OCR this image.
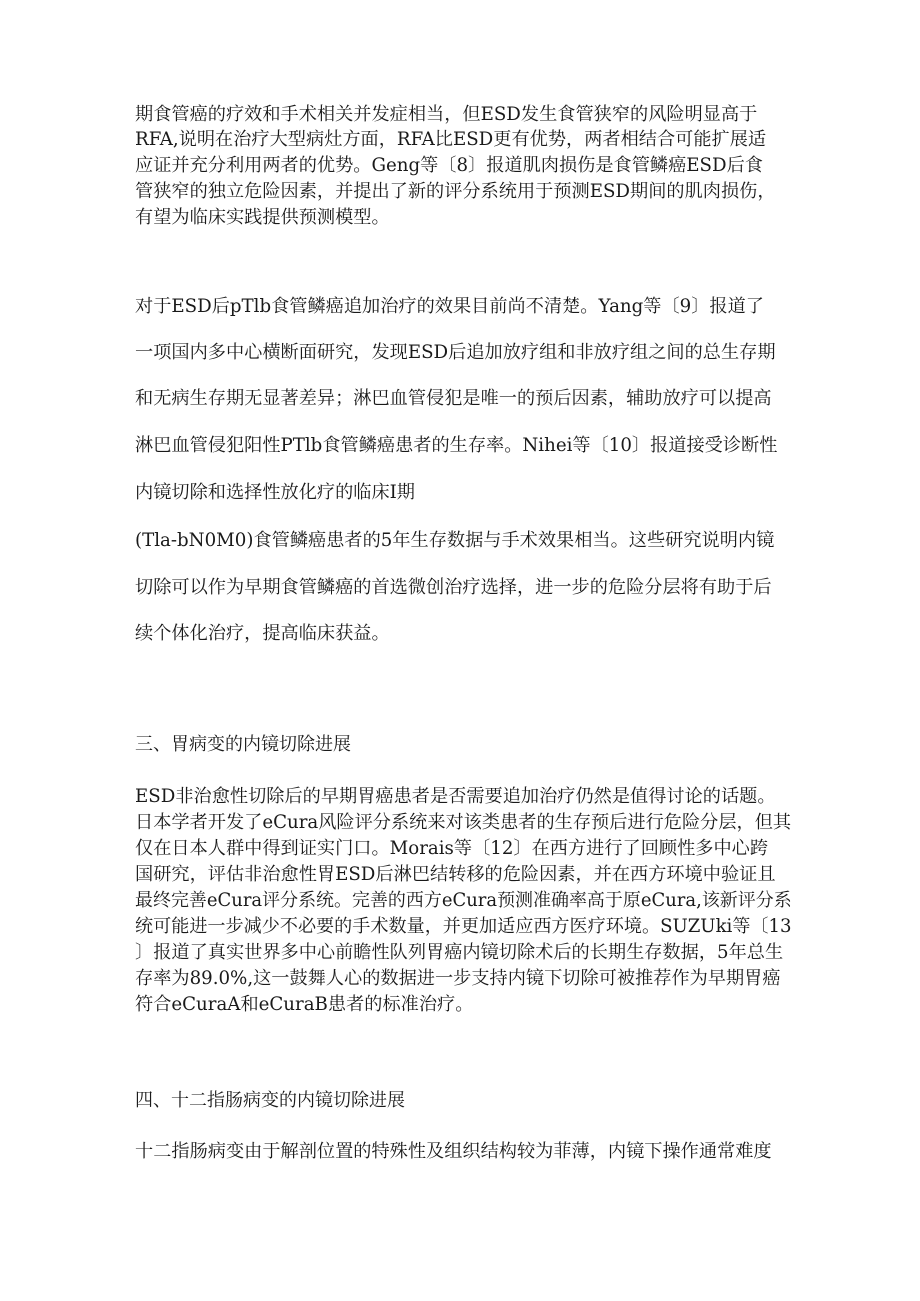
期食管癌的疗效和手术相关并发症相当，但ESD发生食管狭窄的风险明显高于
RFA,说明在治疗大型病灶方面，RFA比ESD更有优势，两者相结合可能扩展适
应证并充分利用两者的优势。Geng等〔8〕报道肌肉损伤是食管鳞癌ESD后食
管狭窄的独立危险因素，并提出了新的评分系统用于预测ESD期间的肌肉损伤，
有望为临床实践提供预测模型。
对于ESD后pTlb食管鳞癌追加治疗的效果目前尚不清楚。Yang等〔9〕报道了
一项国内多中心横断面研究，发现ESD后追加放疗组和非放疗组之间的总生存期
和无病生存期无显著差异；淋巴血管侵犯是唯一的预后因素，辅助放疗可以提高
淋巴血管侵犯阳性PTlb食管鳞癌患者的生存率。Nihei等〔10〕报道接受诊断性
内镜切除和选择性放化疗的临床I期
(Tla-bN0M0)食管鳞癌患者的5年生存数据与手术效果相当。这些研究说明内镜
切除可以作为早期食管鳞癌的首选微创治疗选择，进一步的危险分层将有助于后
续个体化治疗，提高临床获益。
三、胃病变的内镜切除进展
ESD非治愈性切除后的早期胃癌患者是否需要追加治疗仍然是值得讨论的话题。
日本学者开发了eCura风险评分系统来对该类患者的生存预后进行危险分层，但其
仅在日本人群中得到证实门口。Morais等〔12〕在西方进行了回顾性多中心跨
国研究，评估非治愈性胃ESD后淋巴结转移的危险因素，并在西方环境中验证且
最终完善eCura评分系统。完善的西方eCura预测准确率高于原eCura,该新评分系
统可能进一步减少不必要的手术数量，并更加适应西方医疗环境。SUZUki等〔13
〕报道了真实世界多中心前瞻性队列胃癌内镜切除术后的长期生存数据，5年总生
存率为89.0%,这一鼓舞人心的数据进一步支持内镜下切除可被推荐作为早期胃癌
符合eCuraA和eCuraB患者的标准治疗。
四、十二指肠病变的内镜切除进展
十二指肠病变由于解剖位置的特殊性及组织结构较为菲薄，内镜下操作通常难度
